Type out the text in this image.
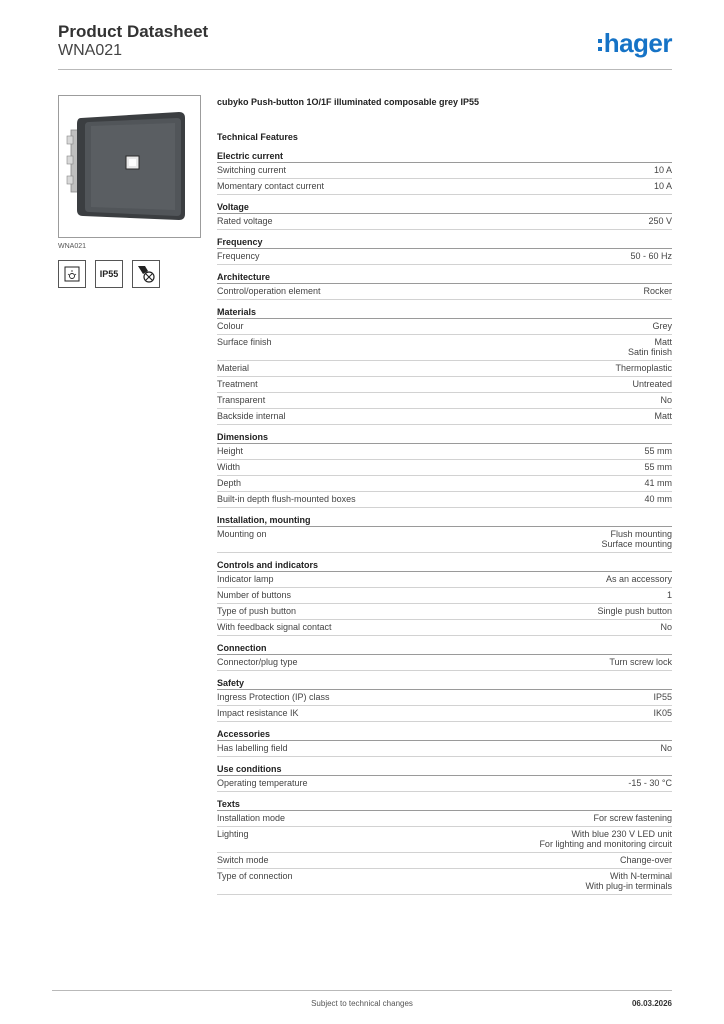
Product Datasheet
WNA021	hager
WNA021
IP55
cubyko Push-button 1O/1F illuminated composable grey IP55
Technical Features
Electric current
Switching current	10 A
Momentary contact current	10 A
Voltage
Rated voltage	250 V
Frequency
Frequency	50 - 60 Hz
Architecture
Control/operation element	Rocker
Materials
Colour	Grey
Surface finish	Matt
Satin finish
Material	Thermoplastic
Treatment	Untreated
Transparent	No
Backside internal	Matt
Dimensions
Height	55 mm
Width	55 mm
Depth	41 mm
Built-in depth flush-mounted boxes	40 mm
Installation, mounting
Mounting on	Flush mounting
Surface mounting
Controls and indicators
Indicator lamp	As an accessory
Number of buttons	1
Type of push button	Single push button
With feedback signal contact	No
Connection
Connector/plug type	Turn screw lock
Safety
Ingress Protection (IP) class	IP55
Impact resistance IK	IK05
Accessories
Has labelling field	No
Use conditions
Operating temperature	-15 - 30 °C
Texts
Installation mode	For screw fastening
Lighting	With blue 230 V LED unit
For lighting and monitoring circuit
Switch mode	Change-over
Type of connection	With N-terminal
With plug-in terminals
Subject to technical changes	06.03.2026
